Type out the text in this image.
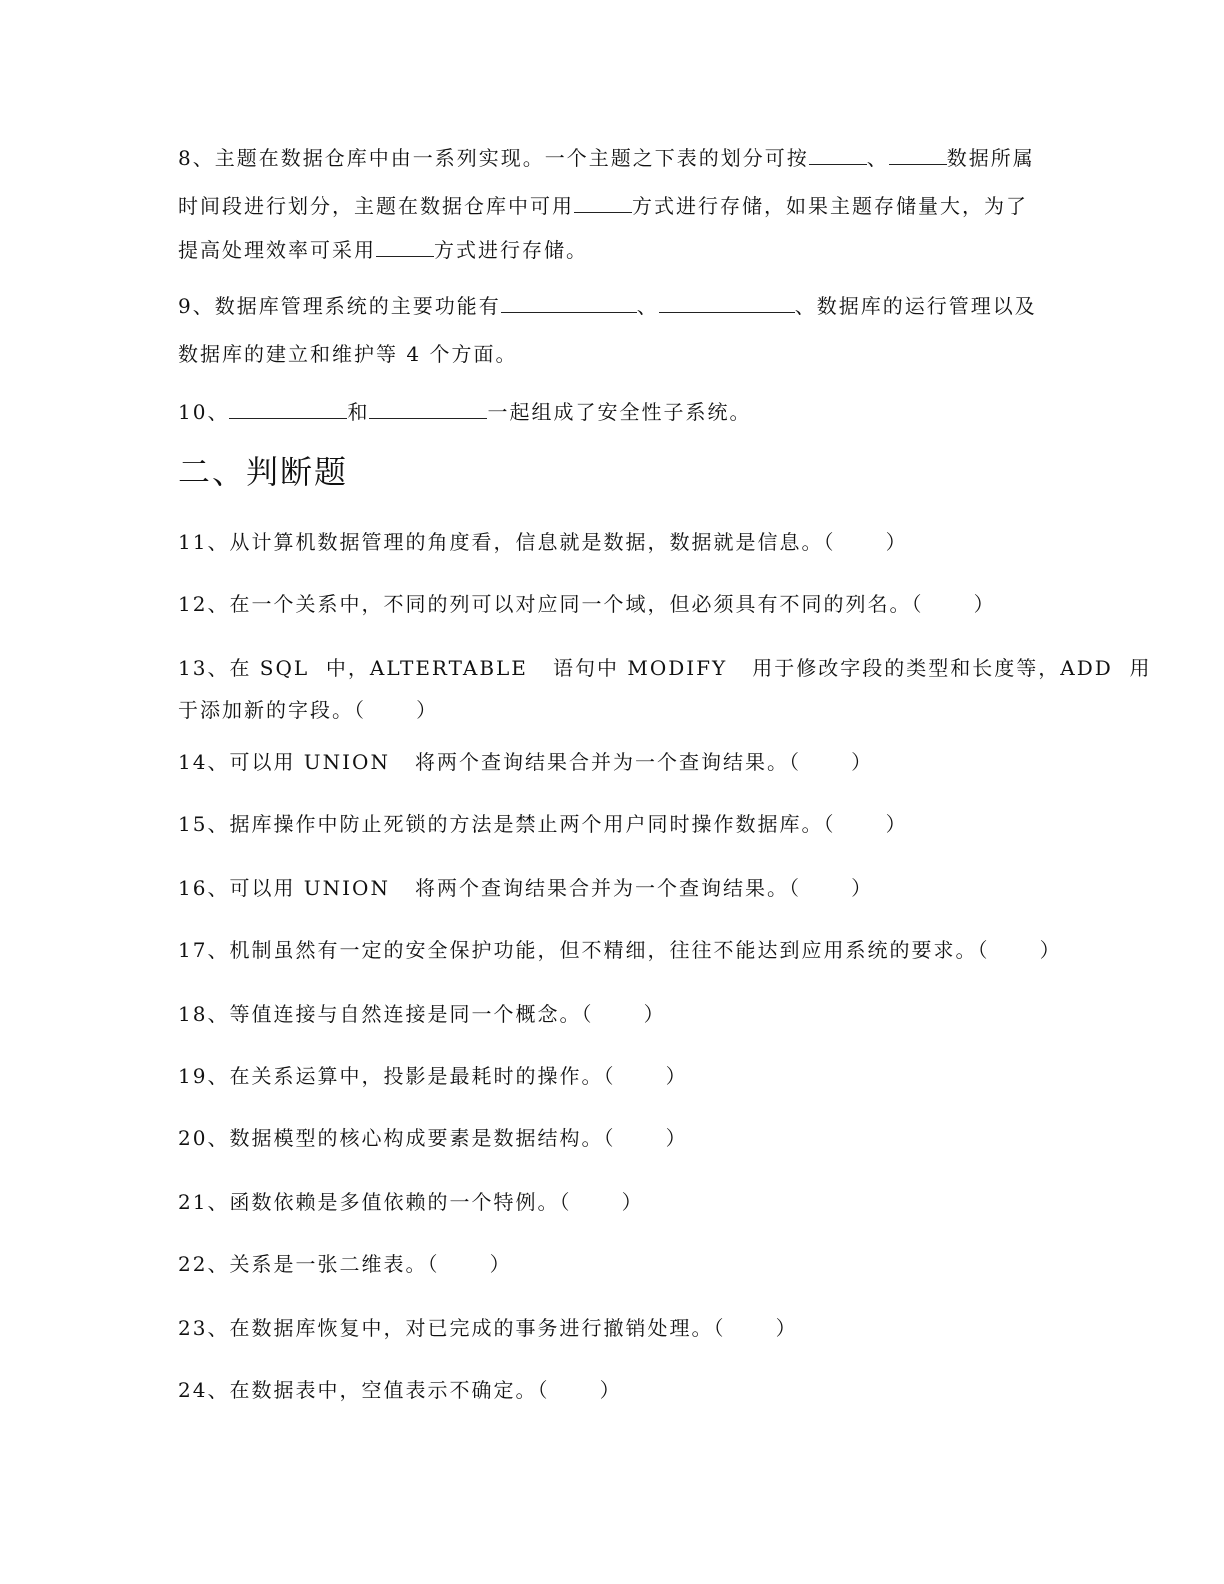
8、主题在数据仓库中由一系列实现。一个主题之下表的划分可按	、	数据所属
时间段进行划分，主题在数据仓库中可用	方式进行存储，如果主题存储量大，为了
提高处理效率可采用	方式进行存储。
9、数据库管理系统的主要功能有	、	、数据库的运行管理以及
数据库的建立和维护等 4 个方面。
10、	和	一起组成了安全性子系统。
二、判断题
11、从计算机数据管理的角度看，信息就是数据，数据就是信息。（      ）
12、在一个关系中，不同的列可以对应同一个域，但必须具有不同的列名。（      ）
13、在 SQL  中，ALTERTABLE   语句中 MODIFY   用于修改字段的类型和长度等，ADD  用
于添加新的字段。（      ）
14、可以用 UNION   将两个查询结果合并为一个查询结果。（      ）
15、据库操作中防止死锁的方法是禁止两个用户同时操作数据库。（      ）
16、可以用 UNION   将两个查询结果合并为一个查询结果。（      ）
17、机制虽然有一定的安全保护功能，但不精细，往往不能达到应用系统的要求。（      ）
18、等值连接与自然连接是同一个概念。（      ）
19、在关系运算中，投影是最耗时的操作。（      ）
20、数据模型的核心构成要素是数据结构。（      ）
21、函数依赖是多值依赖的一个特例。（      ）
22、关系是一张二维表。（      ）
23、在数据库恢复中，对已完成的事务进行撤销处理。（      ）
24、在数据表中，空值表示不确定。（      ）
